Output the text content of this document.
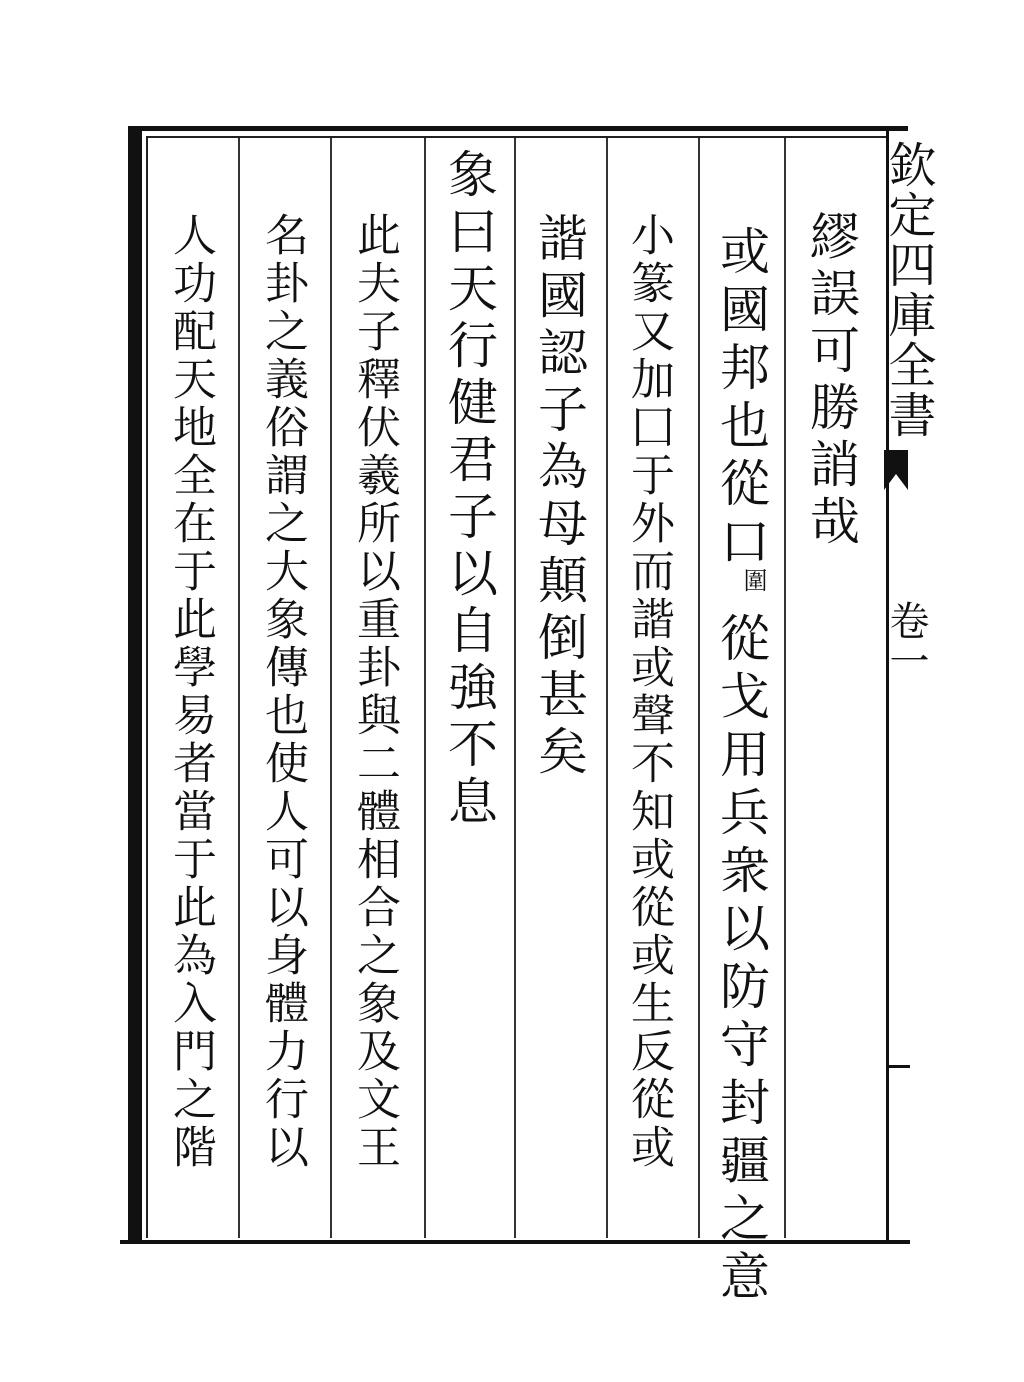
欽定四庫全書
卷一
繆誤可勝誚哉
或國邦也從口
圍
從戈用兵衆以防守封疆之意
小篆又加囗于外而諧或聲不知或從或生反從或
諧國認子為母顛倒甚矣
象曰天行健君子以自強不息
此夫子釋伏羲所以重卦與二體相合之象及文王
名卦之義俗謂之大象傳也使人可以身體力行以
人功配天地全在于此學易者當于此為入門之階
